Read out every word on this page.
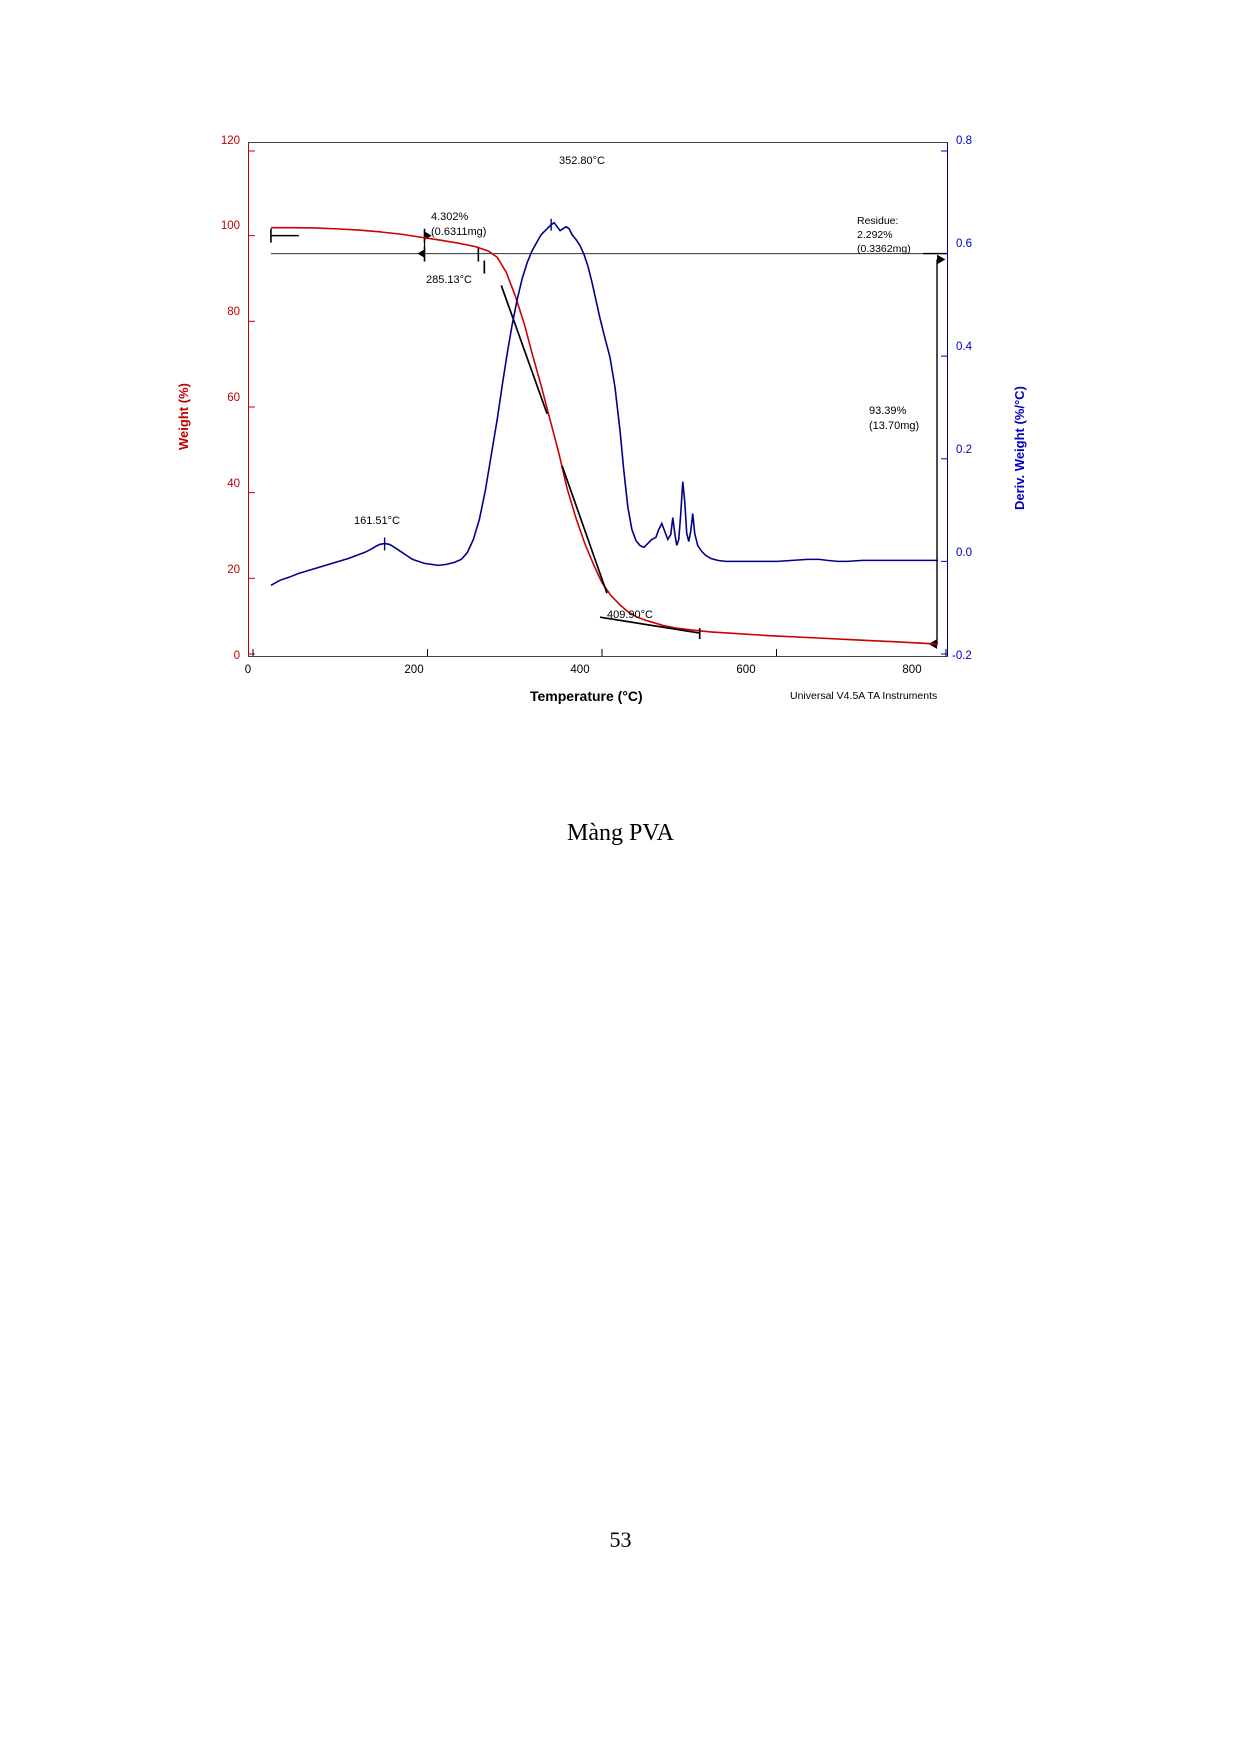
120
100
80
60
40
20
0
0.8
0.6
0.4
0.2
0.0
-0.2
0	200	400	600	800
Weight (%)	Deriv. Weight (%/°C)
Temperature (°C)	Universal V4.5A TA Instruments
4.302%
(0.6311mg)
285.13°C
352.80°C
161.51°C
409.90°C
Residue:
2.292%
(0.3362mg)
93.39%
(13.70mg)
Màng PVA
53
